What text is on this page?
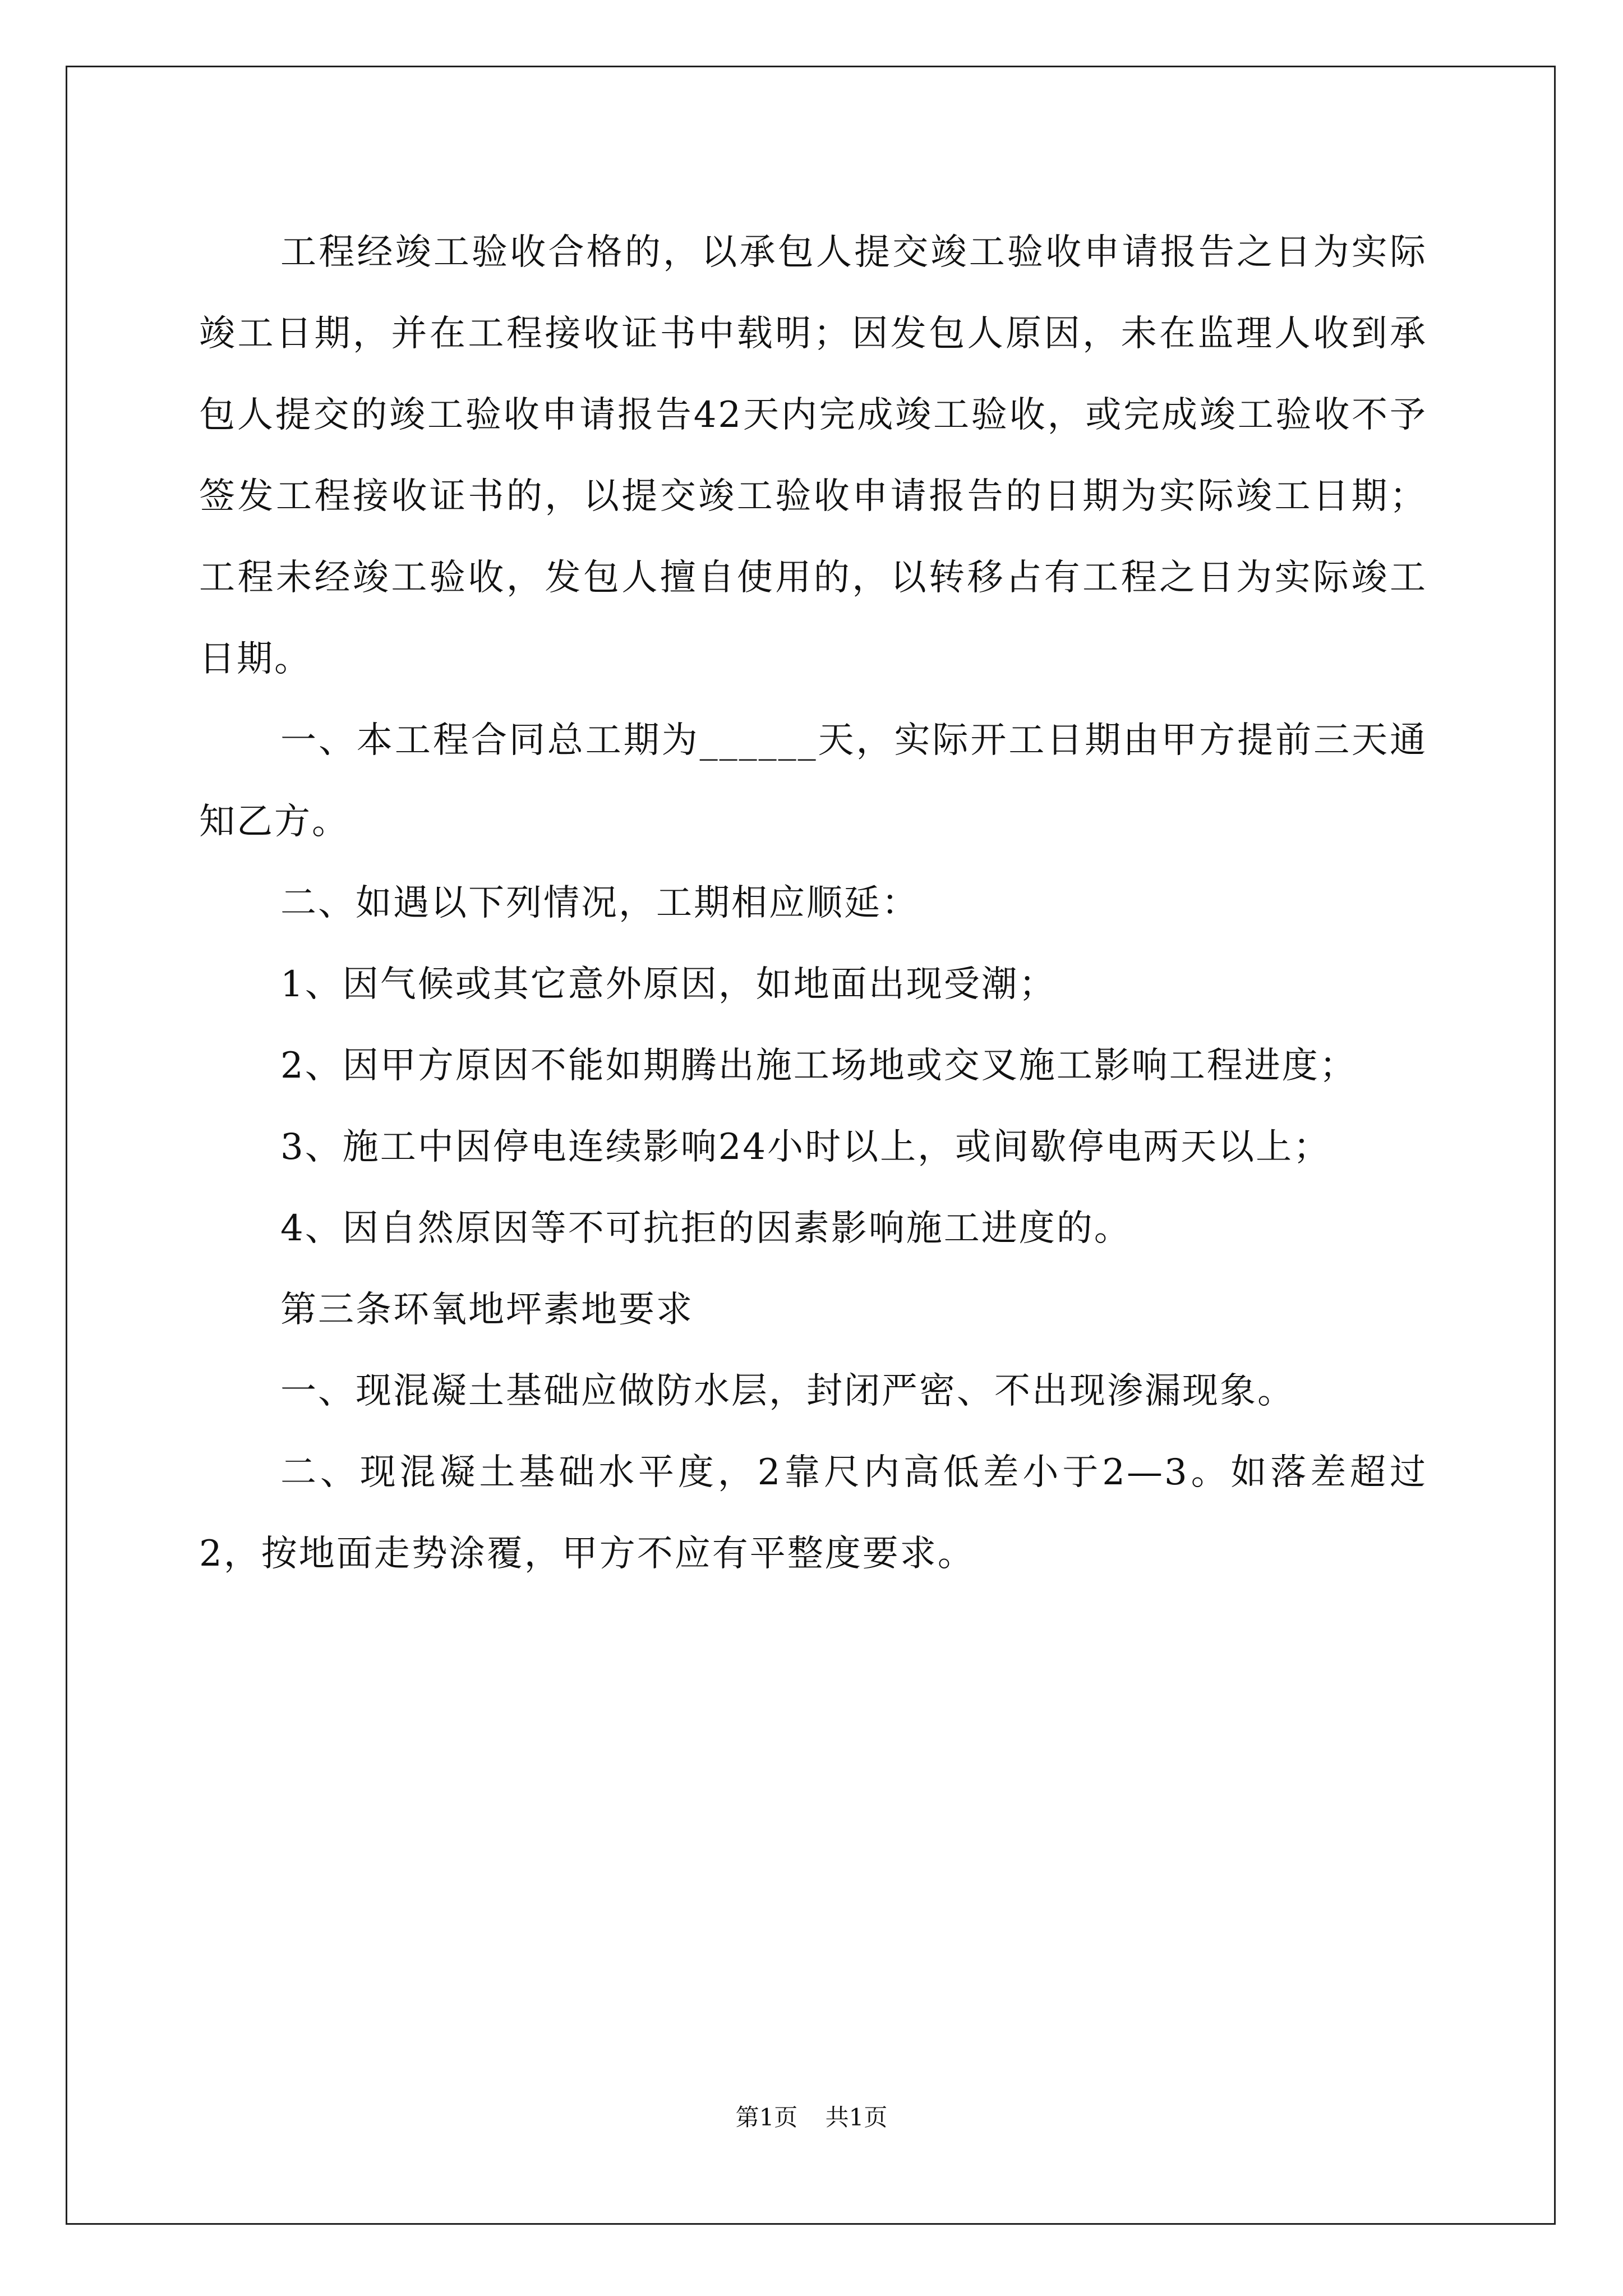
工程经竣工验收合格的，以承包人提交竣工验收申请报告之日为实际竣工日期，并在工程接收证书中载明；因发包人原因，未在监理人收到承包人提交的竣工验收申请报告42天内完成竣工验收，或完成竣工验收不予签发工程接收证书的，以提交竣工验收申请报告的日期为实际竣工日期；工程未经竣工验收，发包人擅自使用的，以转移占有工程之日为实际竣工日期。

一、本工程合同总工期为______天，实际开工日期由甲方提前三天通知乙方。

二、如遇以下列情况，工期相应顺延：

1、因气候或其它意外原因，如地面出现受潮；

2、因甲方原因不能如期腾出施工场地或交叉施工影响工程进度；

3、施工中因停电连续影响24小时以上，或间歇停电两天以上；

4、因自然原因等不可抗拒的因素影响施工进度的。

第三条环氧地坪素地要求

一、现混凝土基础应做防水层，封闭严密、不出现渗漏现象。

二、现混凝土基础水平度，2靠尺内高低差小于2—3。如落差超过2，按地面走势涂覆，甲方不应有平整度要求。

第1页 共1页
